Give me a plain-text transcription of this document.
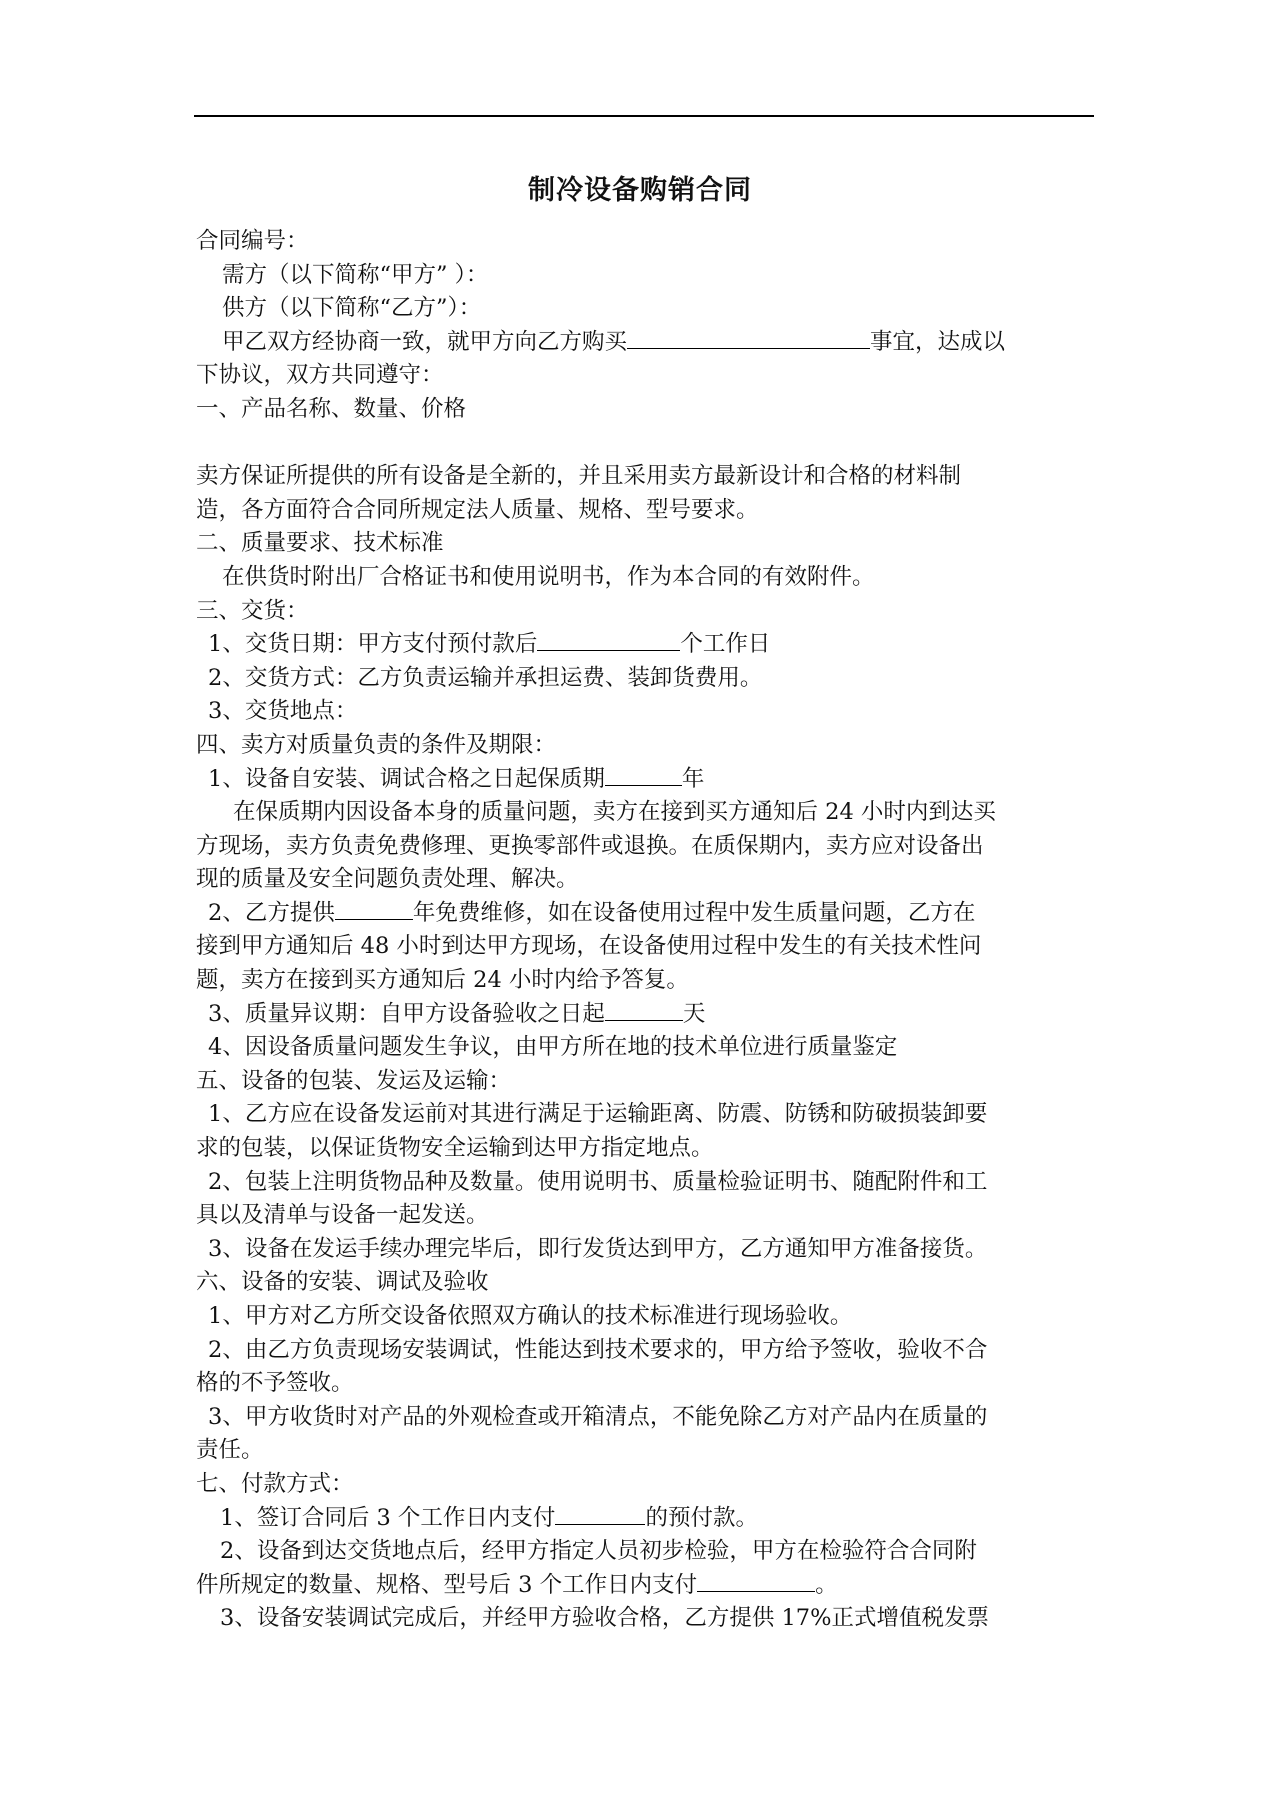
制冷设备购销合同
合同编号：
需方（以下简称“甲方” ）：
供方（以下简称“乙方”）：
甲乙双方经协商一致，就甲方向乙方购买	事宜，达成以
下协议，双方共同遵守：
一、产品名称、数量、价格
卖方保证所提供的所有设备是全新的，并且采用卖方最新设计和合格的材料制
造，各方面符合合同所规定法人质量、规格、型号要求。
二、质量要求、技术标准
在供货时附出厂合格证书和使用说明书，作为本合同的有效附件。
三、交货：
1、交货日期：甲方支付预付款后	个工作日
2、交货方式：乙方负责运输并承担运费、装卸货费用。
3、交货地点：
四、卖方对质量负责的条件及期限：
1、设备自安装、调试合格之日起保质期	年
在保质期内因设备本身的质量问题，卖方在接到买方通知后 24 小时内到达买
方现场，卖方负责免费修理、更换零部件或退换。在质保期内，卖方应对设备出
现的质量及安全问题负责处理、解决。
2、乙方提供	年免费维修，如在设备使用过程中发生质量问题，乙方在
接到甲方通知后 48 小时到达甲方现场，在设备使用过程中发生的有关技术性问
题，卖方在接到买方通知后 24 小时内给予答复。
3、质量异议期：自甲方设备验收之日起	天
4、因设备质量问题发生争议，由甲方所在地的技术单位进行质量鉴定
五、设备的包装、发运及运输：
1、乙方应在设备发运前对其进行满足于运输距离、防震、防锈和防破损装卸要
求的包装，以保证货物安全运输到达甲方指定地点。
2、包装上注明货物品种及数量。使用说明书、质量检验证明书、随配附件和工
具以及清单与设备一起发送。
3、设备在发运手续办理完毕后，即行发货达到甲方，乙方通知甲方准备接货。
六、设备的安装、调试及验收
1、甲方对乙方所交设备依照双方确认的技术标准进行现场验收。
2、由乙方负责现场安装调试，性能达到技术要求的，甲方给予签收，验收不合
格的不予签收。
3、甲方收货时对产品的外观检查或开箱清点，不能免除乙方对产品内在质量的
责任。
七、付款方式：
1、签订合同后 3 个工作日内支付	的预付款。
2、设备到达交货地点后，经甲方指定人员初步检验，甲方在检验符合合同附
件所规定的数量、规格、型号后 3 个工作日内支付	。
3、设备安装调试完成后，并经甲方验收合格，乙方提供 17%正式增值税发票
